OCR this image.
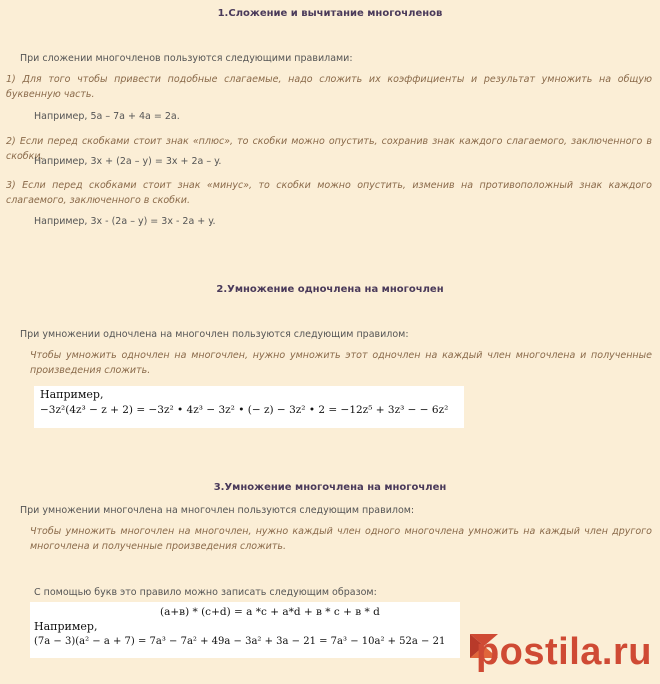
1.Сложение и вычитание многочленов
При сложении многочленов пользуются следующими правилами:
1) Для того чтобы привести подобные слагаемые, надо сложить их коэффициенты и результат умножить на общую буквенную часть.
Например, 5a – 7a + 4a = 2a.
2) Если перед скобками стоит знак «плюс», то скобки можно опустить, сохранив знак каждого слагаемого, заключенного в скобки.
Например, 3x + (2a – y) = 3x + 2a – y.
3) Если перед скобками стоит знак «минус», то скобки можно опустить, изменив на противоположный знак каждого слагаемого, заключенного в скобки.
Например, 3x - (2a – y) = 3x - 2a + y.
2.Умножение одночлена на многочлен
При умножении одночлена на многочлен пользуются следующим правилом:
Чтобы умножить одночлен на многочлен, нужно умножить этот одночлен на каждый член многочлена и полученные произведения сложить.
Например,
−3z²(4z³ − z + 2) = −3z² • 4z³ − 3z² • (− z) − 3z² • 2 = −12z⁵ + 3z³ − − 6z²
3.Умножение многочлена на многочлен
При умножении многочлена на многочлен пользуются следующим правилом:
Чтобы умножить многочлен на многочлен, нужно каждый член одного многочлена умножить на каждый член другого многочлена и полученные произведения сложить.
С помощью букв это правило можно записать следующим образом:
(a+в) * (c+d) = a *c + a*d + в * c + в * d
Например,
(7a − 3)(a² − a + 7) = 7a³ − 7a² + 49a − 3a² + 3a − 21 = 7a³ − 10a² + 52a − 21 postila.ru
